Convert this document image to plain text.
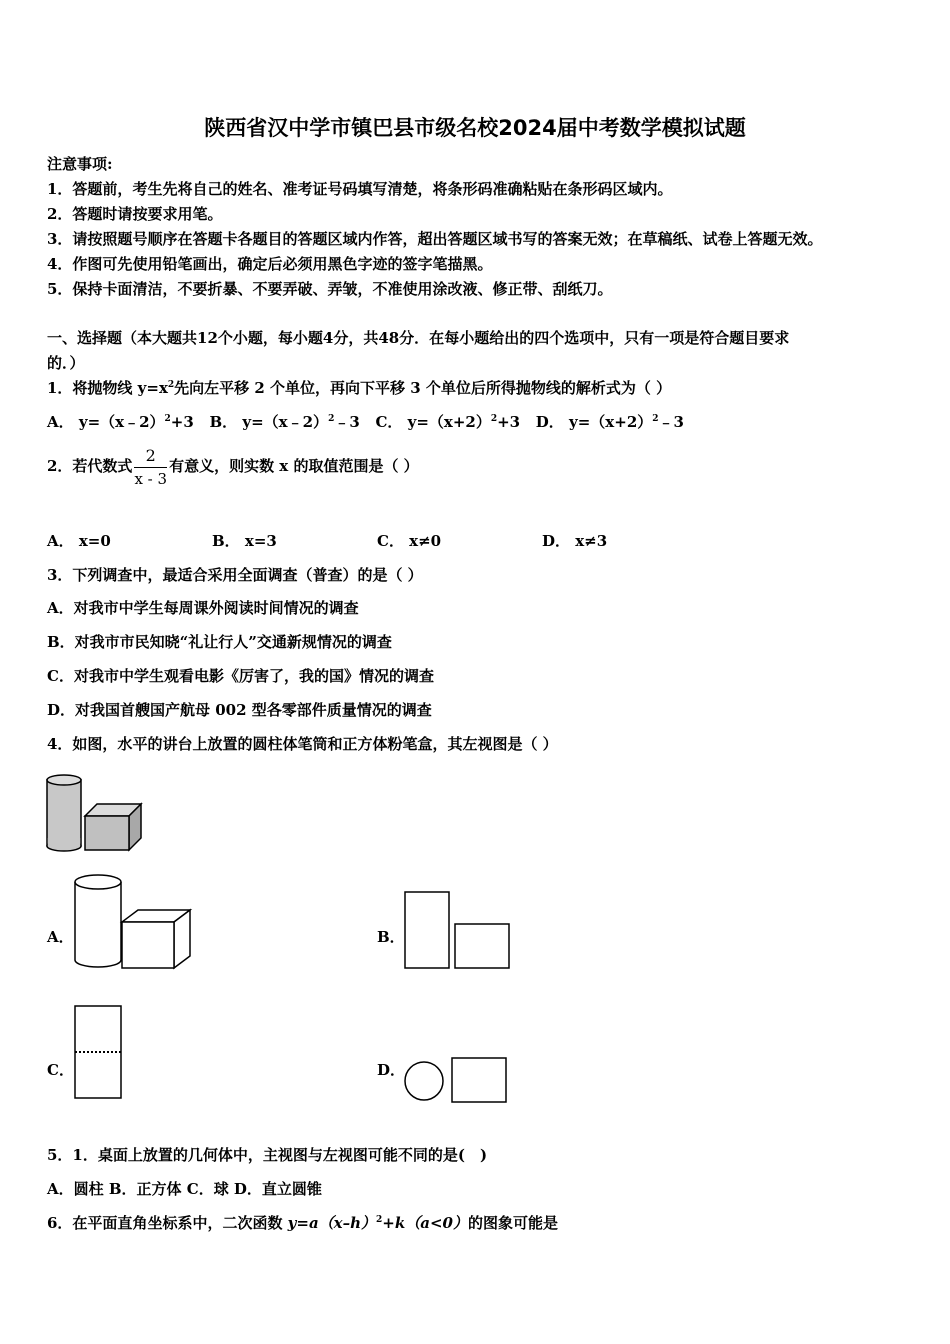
陕西省汉中学市镇巴县市级名校2024届中考数学模拟试题
注意事项:
1．答题前，考生先将自己的姓名、准考证号码填写清楚，将条形码准确粘贴在条形码区域内。
2．答题时请按要求用笔。
3．请按照题号顺序在答题卡各题目的答题区域内作答，超出答题区域书写的答案无效；在草稿纸、试卷上答题无效。
4．作图可先使用铅笔画出，确定后必须用黑色字迹的签字笔描黑。
5．保持卡面清洁，不要折暴、不要弄破、弄皱，不准使用涂改液、修正带、刮纸刀。
一、选择题（本大题共12个小题，每小题4分，共48分．在每小题给出的四个选项中，只有一项是符合题目要求
的．）
1．将抛物线 $y=x^2$先向左平移 2 个单位，再向下平移 3 个单位后所得抛物线的解析式为（ ）
A． y=（x﹣2）$^2$+3 B． y=（x﹣2）$^2$﹣3 C． $y=(x+2)^2+3$ D． $y=(x+2)^2﹣3$
2．若代数式 $\frac{2}{x - 3}$ 有意义，则实数 x 的取值范围是（ ）
A． x=0	B． x=3	C． x≠0	D． x≠3
3．下列调查中，最适合采用全面调查（普查）的是（ ）
A．对我市中学生每周课外阅读时间情况的调查
B．对我市市民知晓“礼让行人”交通新规情况的调查
C．对我市中学生观看电影《厉害了，我的国》情况的调查
D．对我国首艘国产航母 002 型各零部件质量情况的调查
4．如图，水平的讲台上放置的圆柱体笔筒和正方体粉笔盒，其左视图是（ ）
A．	B．
C．	D．
5．1．桌面上放置的几何体中，主视图与左视图可能不同的是(　)
A．圆柱 B．正方体 C．球 D．直立圆锥
6．在平面直角坐标系中，二次函数 $y=a(x-h)^2+k(a<0)$的图象可能是
